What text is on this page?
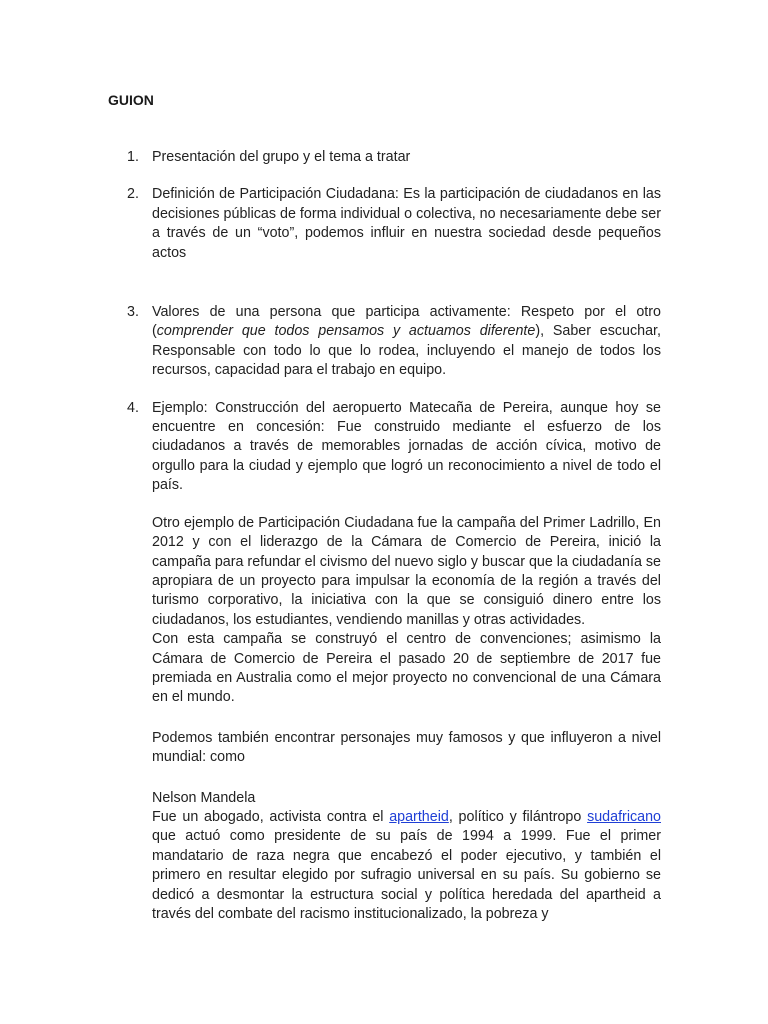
GUION
1. Presentación del grupo y el tema a tratar

2. Definición de Participación Ciudadana: Es la participación de ciudadanos en las decisiones públicas de forma individual o colectiva, no necesariamente debe ser a través de un “voto”, podemos influir en nuestra sociedad desde pequeños actos

3. Valores de una persona que participa activamente: Respeto por el otro (comprender que todos pensamos y actuamos diferente), Saber escuchar, Responsable con todo lo que lo rodea, incluyendo el manejo de todos los recursos, capacidad para el trabajo en equipo.

4. Ejemplo: Construcción del aeropuerto Matecaña de Pereira, aunque hoy se encuentre en concesión: Fue construido mediante el esfuerzo de los ciudadanos a través de memorables jornadas de acción cívica, motivo de orgullo para la ciudad y ejemplo que logró un reconocimiento a nivel de todo el país.

Otro ejemplo de Participación Ciudadana fue la campaña del Primer Ladrillo, En 2012 y con el liderazgo de la Cámara de Comercio de Pereira, inició la campaña para refundar el civismo del nuevo siglo y buscar que la ciudadanía se apropiara de un proyecto para impulsar la economía de la región a través del turismo corporativo, la iniciativa con la que se consiguió dinero entre los ciudadanos, los estudiantes, vendiendo manillas y otras actividades.

Con esta campaña se construyó el centro de convenciones; asimismo la Cámara de Comercio de Pereira el pasado 20 de septiembre de 2017 fue premiada en Australia como el mejor proyecto no convencional de una Cámara en el mundo.

Podemos también encontrar personajes muy famosos y que influyeron a nivel mundial: como

Nelson Mandela

Fue un abogado, activista contra el apartheid, político y filántropo sudafricano que actuó como presidente de su país de 1994 a 1999. Fue el primer mandatario de raza negra que encabezó el poder ejecutivo, y también el primero en resultar elegido por sufragio universal en su país. Su gobierno se dedicó a desmontar la estructura social y política heredada del apartheid a través del combate del racismo institucionalizado, la pobreza y
